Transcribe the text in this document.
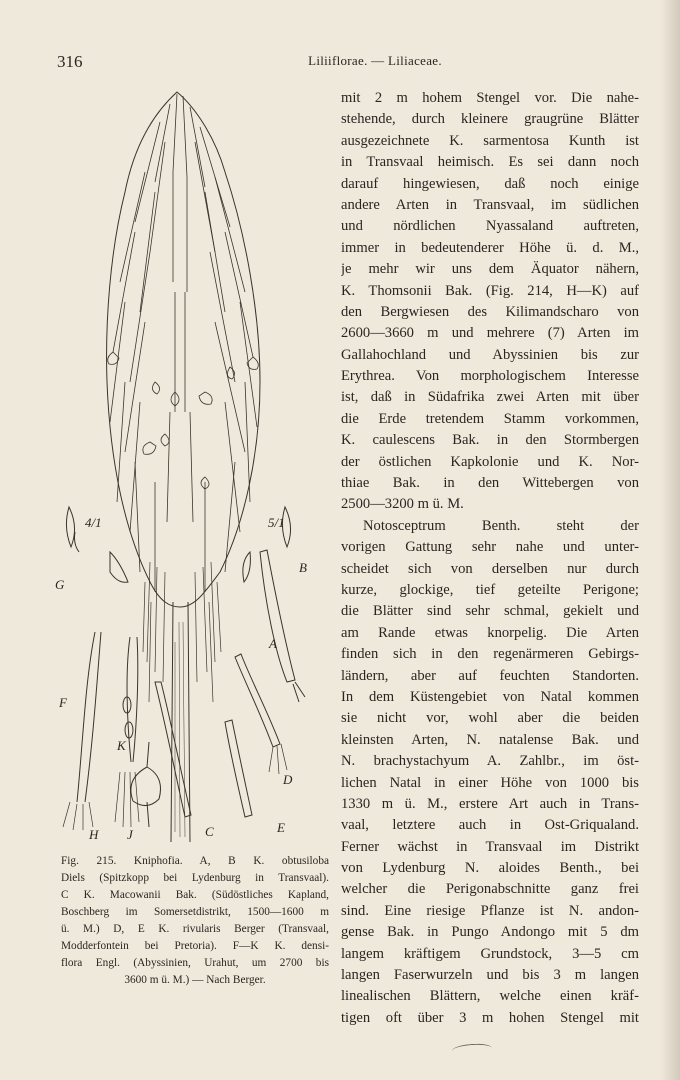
316	Liliiflorae. — Liliaceae.
G
4/1	5/1
B
A
F
K
D
E
C
J
H
Fig. 215. Kniphofia. A, B K. obtusiloba
Diels (Spitzkopp bei Lydenburg in Transvaal).
C K. Macowanii Bak. (Südöstliches Kapland,
Boschberg im Somersetdistrikt, 1500—1600 m
ü. M.) D, E K. rivularis Berger (Transvaal,
Modderfontein bei Pretoria). F—K K. densi-
flora Engl. (Abyssinien, Urahut, um 2700 bis
3600 m ü. M.) — Nach Berger.
mit 2 m hohem Stengel vor. Die nahe-
stehende, durch kleinere graugrüne Blätter
ausgezeichnete K. sarmentosa Kunth ist
in Transvaal heimisch. Es sei dann noch
darauf hingewiesen, daß noch einige
andere Arten in Transvaal, im südlichen
und nördlichen Nyassaland auftreten,
immer in bedeutenderer Höhe ü. d. M.,
je mehr wir uns dem Äquator nähern,
K. Thomsonii Bak. (Fig. 214, H—K) auf
den Bergwiesen des Kilimandscharo von
2600—3660 m und mehrere (7) Arten im
Gallahochland und Abyssinien bis zur
Erythrea. Von morphologischem Interesse
ist, daß in Südafrika zwei Arten mit über
die Erde tretendem Stamm vorkommen,
K. caulescens Bak. in den Stormbergen
der östlichen Kapkolonie und K. Nor-
thiae Bak. in den Wittebergen von
2500—3200 m ü. M.
Notosceptrum Benth. steht der
vorigen Gattung sehr nahe und unter-
scheidet sich von derselben nur durch
kurze, glockige, tief geteilte Perigone;
die Blätter sind sehr schmal, gekielt und
am Rande etwas knorpelig. Die Arten
finden sich in den regenärmeren Gebirgs-
ländern, aber auf feuchten Standorten.
In dem Küstengebiet von Natal kommen
sie nicht vor, wohl aber die beiden
kleinsten Arten, N. natalense Bak. und
N. brachystachyum A. Zahlbr., im öst-
lichen Natal in einer Höhe von 1000 bis
1330 m ü. M., erstere Art auch in Trans-
vaal, letztere auch in Ost-Griqualand.
Ferner wächst in Transvaal im Distrikt
von Lydenburg N. aloides Benth., bei
welcher die Perigonabschnitte ganz frei
sind. Eine riesige Pflanze ist N. andon-
gense Bak. in Pungo Andongo mit 5 dm
langem kräftigem Grundstock, 3—5 cm
langen Faserwurzeln und bis 3 m langen
linealischen Blättern, welche einen kräf-
tigen oft über 3 m hohen Stengel mit
